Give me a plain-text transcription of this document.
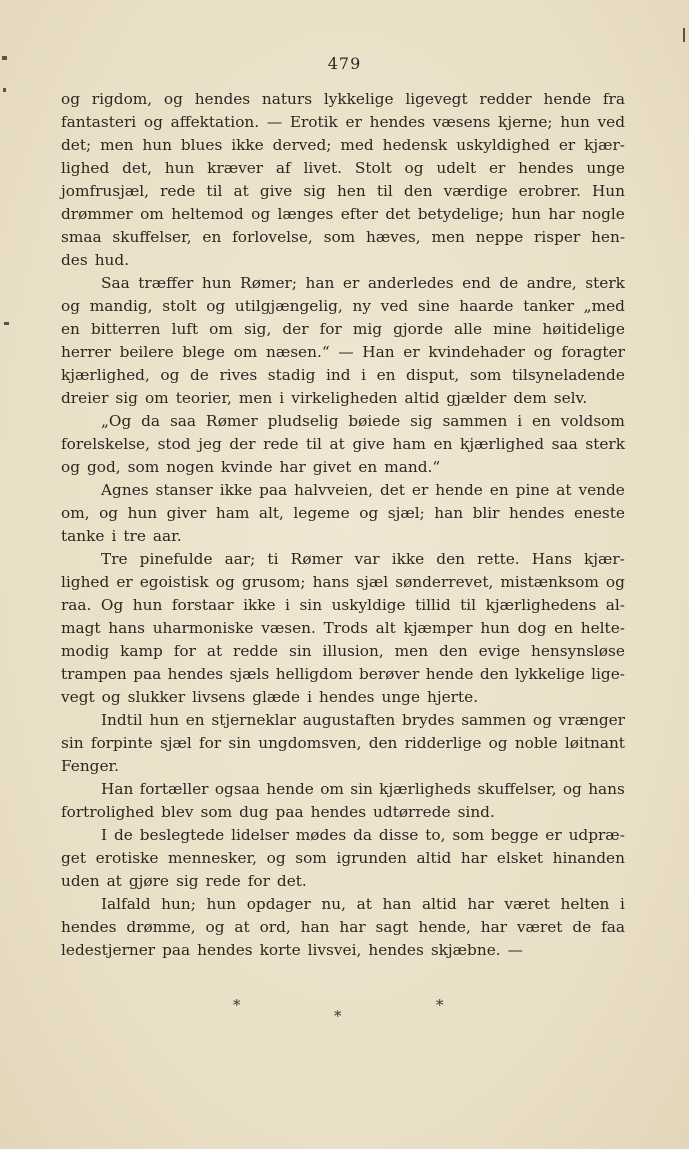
479
og rigdom, og hendes naturs lykkelige ligevegt redder hende fra
fantasteri og affektation. — Erotik er hendes væsens kjerne; hun ved
det; men hun blues ikke derved; med hedensk uskyldighed er kjær-
lighed det, hun kræver af livet. Stolt og udelt er hendes unge
jomfrusjæl, rede til at give sig hen til den værdige erobrer. Hun
drømmer om heltemod og længes efter det betydelige; hun har nogle
smaa skuffelser, en forlovelse, som hæves, men neppe risper hen-
des hud.
Saa træffer hun Rømer; han er anderledes end de andre, sterk
og mandig, stolt og utilgjængelig, ny ved sine haarde tanker „med
en bitterren luft om sig, der for mig gjorde alle mine høitidelige
herrer beilere blege om næsen.“ — Han er kvindehader og foragter
kjærlighed, og de rives stadig ind i en disput, som tilsyneladende
dreier sig om teorier, men i virkeligheden altid gjælder dem selv.
„Og da saa Rømer pludselig bøiede sig sammen i en voldsom
forelskelse, stod jeg der rede til at give ham en kjærlighed saa sterk
og god, som nogen kvinde har givet en mand.“
Agnes stanser ikke paa halvveien, det er hende en pine at vende
om, og hun giver ham alt, legeme og sjæl; han blir hendes eneste
tanke i tre aar.
Tre pinefulde aar; ti Rømer var ikke den rette. Hans kjær-
lighed er egoistisk og grusom; hans sjæl sønderrevet, mistænksom og
raa. Og hun forstaar ikke i sin uskyldige tillid til kjærlighedens al-
magt hans uharmoniske væsen. Trods alt kjæmper hun dog en helte-
modig kamp for at redde sin illusion, men den evige hensynsløse
trampen paa hendes sjæls helligdom berøver hende den lykkelige lige-
vegt og slukker livsens glæde i hendes unge hjerte.
Indtil hun en stjerneklar augustaften brydes sammen og vrænger
sin forpinte sjæl for sin ungdomsven, den ridderlige og noble løitnant
Fenger.
Han fortæller ogsaa hende om sin kjærligheds skuffelser, og hans
fortrolighed blev som dug paa hendes udtørrede sind.
I de beslegtede lidelser mødes da disse to, som begge er udpræ-
get erotiske mennesker, og som igrunden altid har elsket hinanden
uden at gjøre sig rede for det.
Ialfald hun; hun opdager nu, at han altid har været helten i
hendes drømme, og at ord, han har sagt hende, har været de faa
ledestjerner paa hendes korte livsvei, hendes skjæbne. —
*
*
*
